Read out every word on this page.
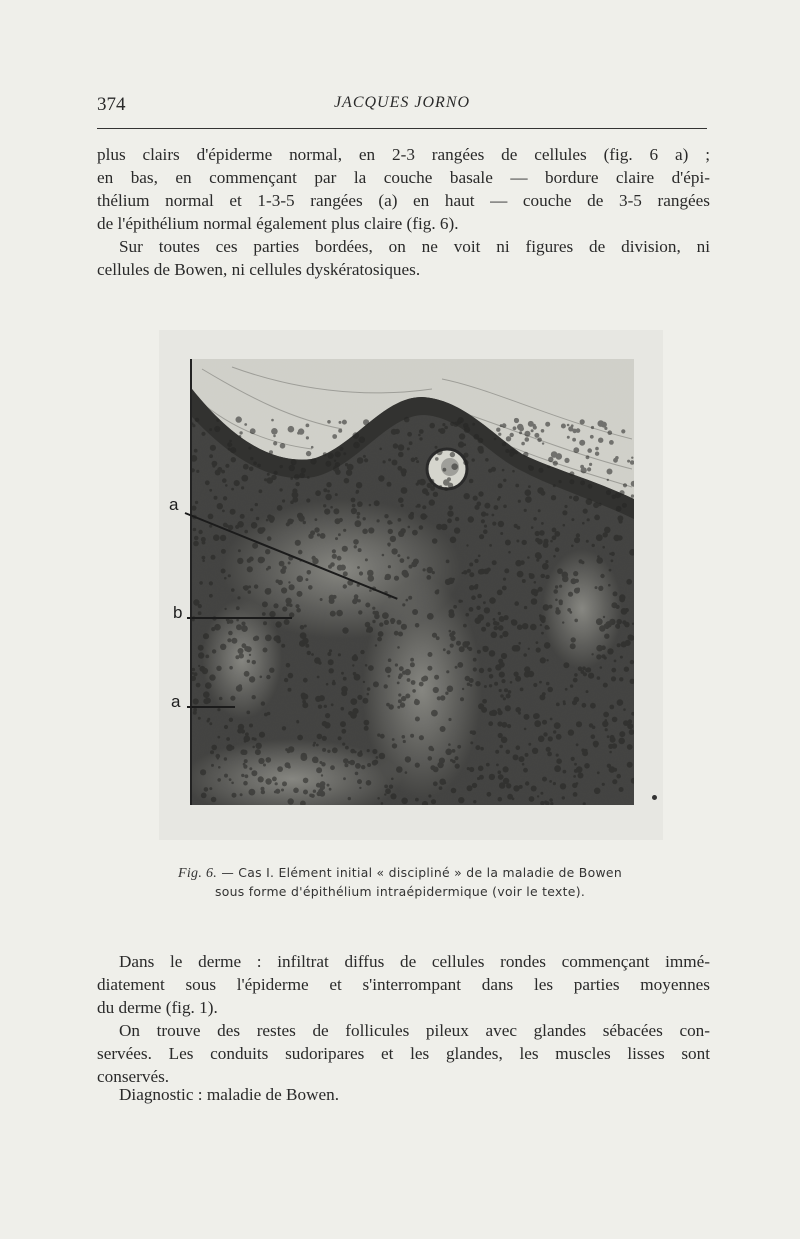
374	JACQUES JORNO

plus clairs d'épiderme normal, en 2-3 rangées de cellules (fig. 6 a) ;
en bas, en commençant par la couche basale — bordure claire d'épi-
thélium normal et 1-3-5 rangées (a) en haut — couche de 3-5 rangées
de l'épithélium normal également plus claire (fig. 6).

Sur toutes ces parties bordées, on ne voit ni figures de division, ni
cellules de Bowen, ni cellules dyskératosiques.

a
b
a
Fig. 6. — Cas I. Elément initial « discipliné » de la maladie de Bowen
sous forme d'épithélium intraépidermique (voir le texte).

Dans le derme : infiltrat diffus de cellules rondes commençant immé-
diatement sous l'épiderme et s'interrompant dans les parties moyennes
du derme (fig. 1).

On trouve des restes de follicules pileux avec glandes sébacées con-
servées. Les conduits sudoripares et les glandes, les muscles lisses sont
conservés.

Diagnostic : maladie de Bowen.
